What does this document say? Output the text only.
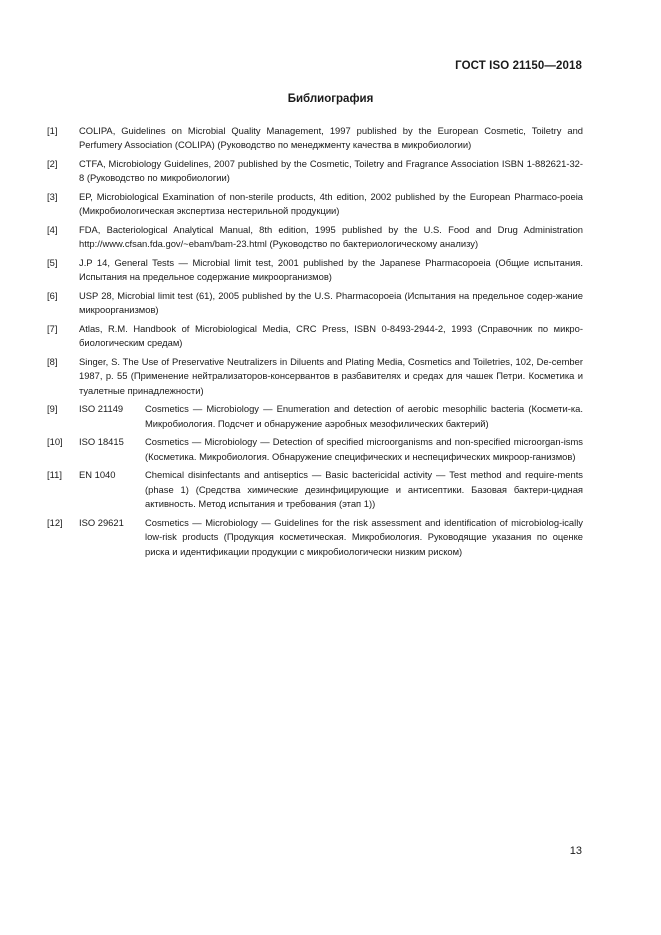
ГОСТ ISO 21150—2018
Библиография
[1] COLIPA, Guidelines on Microbial Quality Management, 1997 published by the European Cosmetic, Toiletry and Perfumery Association (COLIPA) (Руководство по менеджменту качества в микробиологии)
[2] CTFA, Microbiology Guidelines, 2007 published by the Cosmetic, Toiletry and Fragrance Association ISBN 1-882621-32-8 (Руководство по микробиологии)
[3] EP, Microbiological Examination of non-sterile products, 4th edition, 2002 published by the European Pharmaco-poeia (Микробиологическая экспертиза нестерильной продукции)
[4] FDA, Bacteriological Analytical Manual, 8th edition, 1995 published by the U.S. Food and Drug Administration http://www.cfsan.fda.gov/~ebam/bam-23.html (Руководство по бактериологическому анализу)
[5] J.P 14, General Tests — Microbial limit test, 2001 published by the Japanese Pharmacopoeia (Общие испытания. Испытания на предельное содержание микроорганизмов)
[6] USP 28, Microbial limit test (61), 2005 published by the U.S. Pharmacopoeia (Испытания на предельное содер-жание микроорганизмов)
[7] Atlas, R.M. Handbook of Microbiological Media, CRC Press, ISBN 0-8493-2944-2, 1993 (Справочник по микро-биологическим средам)
[8] Singer, S. The Use of Preservative Neutralizers in Diluents and Plating Media, Cosmetics and Toiletries, 102, De-cember 1987, p. 55 (Применение нейтрализаторов-консервантов в разбавителях и средах для чашек Петри. Косметика и туалетные принадлежности)
[9] ISO 21149 Cosmetics — Microbiology — Enumeration and detection of aerobic mesophilic bacteria (Космети-ка. Микробиология. Подсчет и обнаружение аэробных мезофилических бактерий)
[10] ISO 18415 Cosmetics — Microbiology — Detection of specified microorganisms and non-specified microorgan-isms (Косметика. Микробиология. Обнаружение специфических и неспецифических микроор-ганизмов)
[11] EN 1040	Chemical disinfectants and antiseptics — Basic bactericidal activity — Test method and require-ments (phase 1) (Средства химические дезинфицирующие и антисептики. Базовая бактери-цидная активность. Метод испытания и требования (этап 1))
[12] ISO 29621 Cosmetics — Microbiology — Guidelines for the risk assessment and identification of microbiolog-ically low-risk products (Продукция косметическая. Микробиология. Руководящие указания по оценке риска и идентификации продукции с микробиологически низким риском)
13
